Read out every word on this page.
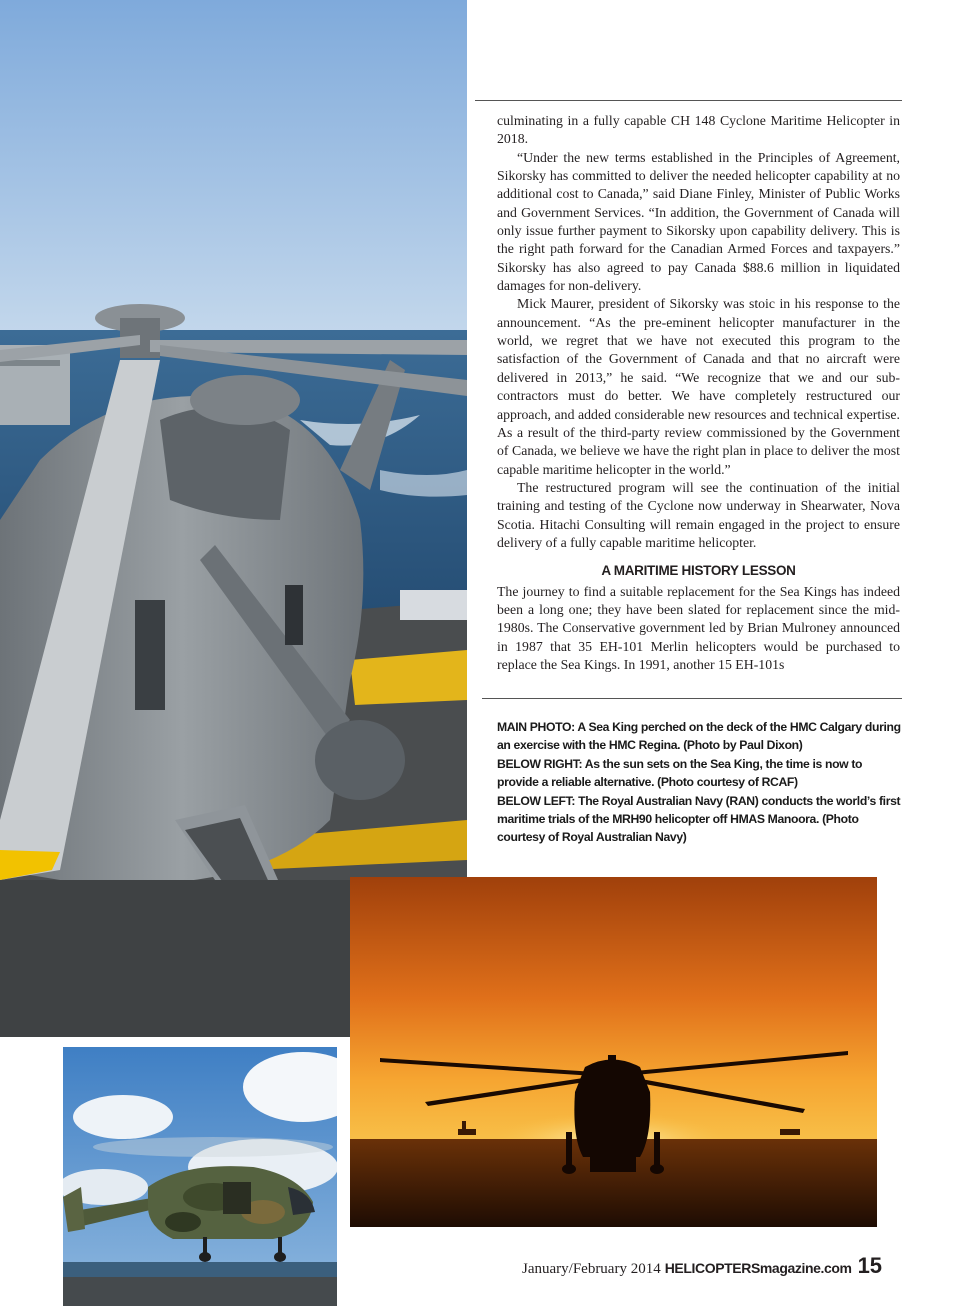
culminating in a fully capable CH 148 Cyclone Maritime Helicopter in 2018.

“Under the new terms established in the Principles of Agreement, Sikorsky has committed to deliver the needed helicopter capability at no additional cost to Canada,” said Diane Finley, Minister of Public Works and Government Services. “In addition, the Government of Canada will only issue further payment to Sikorsky upon capability delivery. This is the right path forward for the Canadian Armed Forces and taxpayers.” Sikorsky has also agreed to pay Canada $88.6 million in liquidated damages for non-delivery.

Mick Maurer, president of Sikorsky was stoic in his response to the announcement. “As the pre-eminent helicopter manufacturer in the world, we regret that we have not executed this program to the satisfaction of the Government of Canada and that no aircraft were delivered in 2013,” he said. “We recognize that we and our sub-contractors must do better. We have completely restructured our approach, and added considerable new resources and technical expertise. As a result of the third-party review commissioned by the Government of Canada, we believe we have the right plan in place to deliver the most capable maritime helicopter in the world.”

The restructured program will see the continuation of the initial training and testing of the Cyclone now underway in Shearwater, Nova Scotia. Hitachi Consulting will remain engaged in the project to ensure delivery of a fully capable maritime helicopter.

A MARITIME HISTORY LESSON

The journey to find a suitable replacement for the Sea Kings has indeed been a long one; they have been slated for replacement since the mid-1980s. The Conservative government led by Brian Mulroney announced in 1987 that 35 EH-101 Merlin helicopters would be purchased to replace the Sea Kings. In 1991, another 15 EH-101s

MAIN PHOTO: A Sea King perched on the deck of the HMC Calgary during an exercise with the HMC Regina. (Photo by Paul Dixon)

BELOW RIGHT: As the sun sets on the Sea King, the time is now to provide a reliable alternative. (Photo courtesy of RCAF)

BELOW LEFT: The Royal Australian Navy (RAN) conducts the world’s first maritime trials of the MRH90 helicopter off HMAS Manoora. (Photo courtesy of Royal Australian Navy)

January/February 2014 HELICOPTERSmagazine.com 15
